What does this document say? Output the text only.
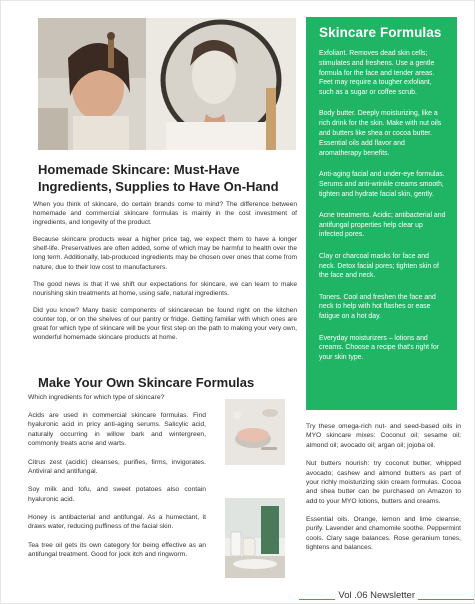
Skincare Formulas

Exfoliant. Removes dead skin cells; stimulates and freshens. Use a gentle formula for the face and tender areas. Feet may require a tougher exfoliant, such as a sugar or coffee scrub.

Body butter. Deeply moisturizing, like a rich drink for the skin. Make with nut oils and butters like shea or cocoa butter. Essential oils add flavor and aromatherapy benefits.

Anti-aging facial and under-eye formulas. Serums and anti-wrinkle creams smooth, tighten and hydrate facial skin, gently.

Acne treatments. Acidic; antibacterial and antifungal properties help clear up infected pores.

Clay or charcoal masks for face and neck. Detox facial pores; tighten skin of the face and neck.

Toners. Cool and freshen the face and neck to help with hot flashes or ease fatigue on a hot day.

Everyday moisturizers – lotions and creams. Choose a recipe that's right for your skin type.

Homemade Skincare: Must-Have Ingredients, Supplies to Have On-Hand

When you think of skincare, do certain brands come to mind? The difference between homemade and commercial skincare formulas is mainly in the cost investment of ingredients, and longevity of the product.

Because skincare products wear a higher price tag, we expect them to have a longer shelf-life. Preservatives are often added, some of which may be harmful to health over the long term. Additionally, lab-produced ingredients may be chosen over ones that come from nature, due to their low cost to manufacturers.

The good news is that if we shift our expectations for skincare, we can learn to make nourishing skin treatments at home, using safe, natural ingredients.

Did you know? Many basic components of skincarecan be found right on the kitchen counter top, or on the shelves of our pantry or fridge. Getting familiar with which ones are great for which type of skincare will be your first step on the path to making your very own, wonderful homemade skincare products at home.

Make Your Own Skincare Formulas
Which ingredients for which type of skincare?

Acids are used in commercial skincare formulas. Find hyaluronic acid in pricy anti-aging serums. Salicylic acid, naturally occurring in willow bark and wintergreen, commonly treats acne and warts.

Citrus zest (acidic) cleanses, purifies, firms, invigorates. Antiviral and antifungal.

Soy milk and tofu, and sweet potatoes also contain hyaluronic acid.

Honey is antibacterial and antifungal. As a humectant, it draws water, reducing puffiness of the facial skin.

Tea tree oil gets its own category for being effective as an antifungal treatment. Good for jock itch and ringworm.

Try these omega-rich nut- and seed-based oils in MYO skincare mixes: Coconut oil; sesame oil; almond oil; avocado oil; argan oil; jojoba oil.

Nut butters nourish: try coconut butter, whipped avocado; cashew and almond butters as part of your richly moisturizing skin cream formulas. Cocoa and shea butter can be purchased on Amazon to add to your MYO lotions, butters and creams.

Essential oils. Orange, lemon and lime cleanse, purify. Lavender and chamomile soothe. Peppermint cools. Clary sage balances. Rose geranium tones, tightens and balances.

Vol .06 Newsletter
